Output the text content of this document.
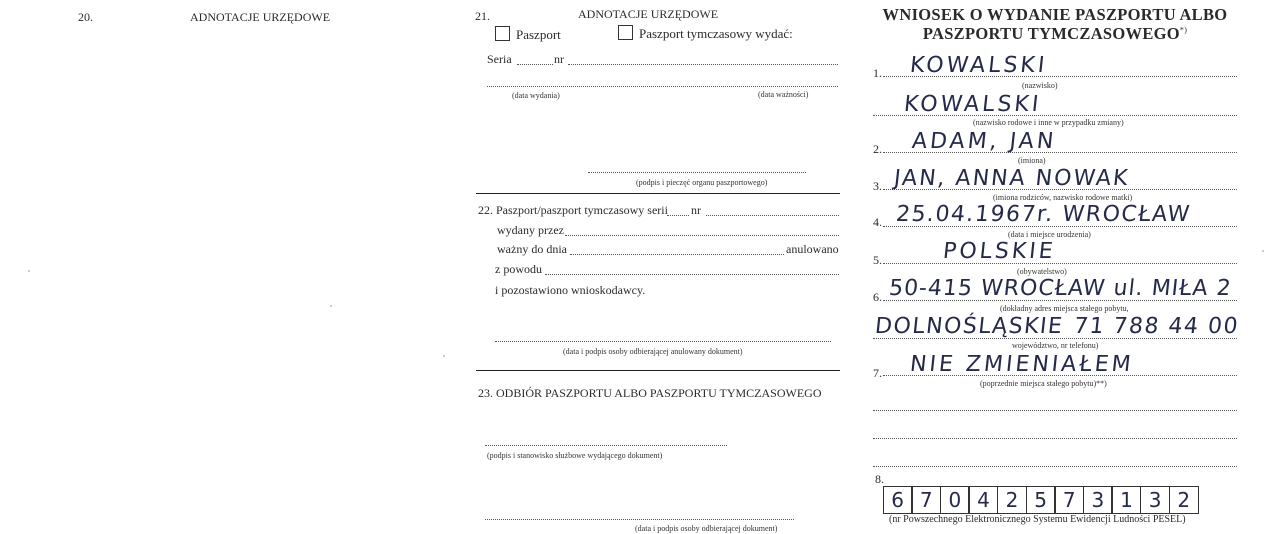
20.	ADNOTACJE URZĘDOWE	21.	ADNOTACJE URZĘDOWE
Paszport	Paszport tymczasowy wydać:
Seria	nr
(data wydania)	(data ważności)
(podpis i pieczęć organu paszportowego)
22. Paszport/paszport tymczasowy serii nr
wydany przez
ważny do dnia	anulowano
z powodu
i pozostawiono wnioskodawcy.
(data i podpis osoby odbierającej anulowany dokument)
23. ODBIÓR PASZPORTU ALBO PASZPORTU TYMCZASOWEGO
(podpis i stanowisko służbowe wydającego dokument)
(data i podpis osoby odbierającej dokument)
WNIOSEK O WYDANIE PASZPORTU ALBO
PASZPORTU TYMCZASOWEGO*)
1. KOWALSKI
(nazwisko)
KOWALSKI
(nazwisko rodowe i inne w przypadku zmiany)
2. ADAM, JAN
(imiona)
3. JAN, ANNA NOWAK
(imiona rodziców, nazwisko rodowe matki)
4. 25.04.1967r. WROCŁAW
(data i miejsce urodzenia)
5.	POLSKIE
(obywatelstwo)
6. 50-415 WROCŁAW ul. MIŁA 2
(dokładny adres miejsca stałego pobytu,
DOLNOŚLĄSKIE 71 788 44 00
województwo, nr telefonu)
7. NIE ZMIENIAŁEM
(poprzednie miejsca stałego pobytu)**)
8.
6 7 0 4 2 5 7 3 1 3 2
(nr Powszechnego Elektronicznego Systemu Ewidencji Ludności PESEL)
